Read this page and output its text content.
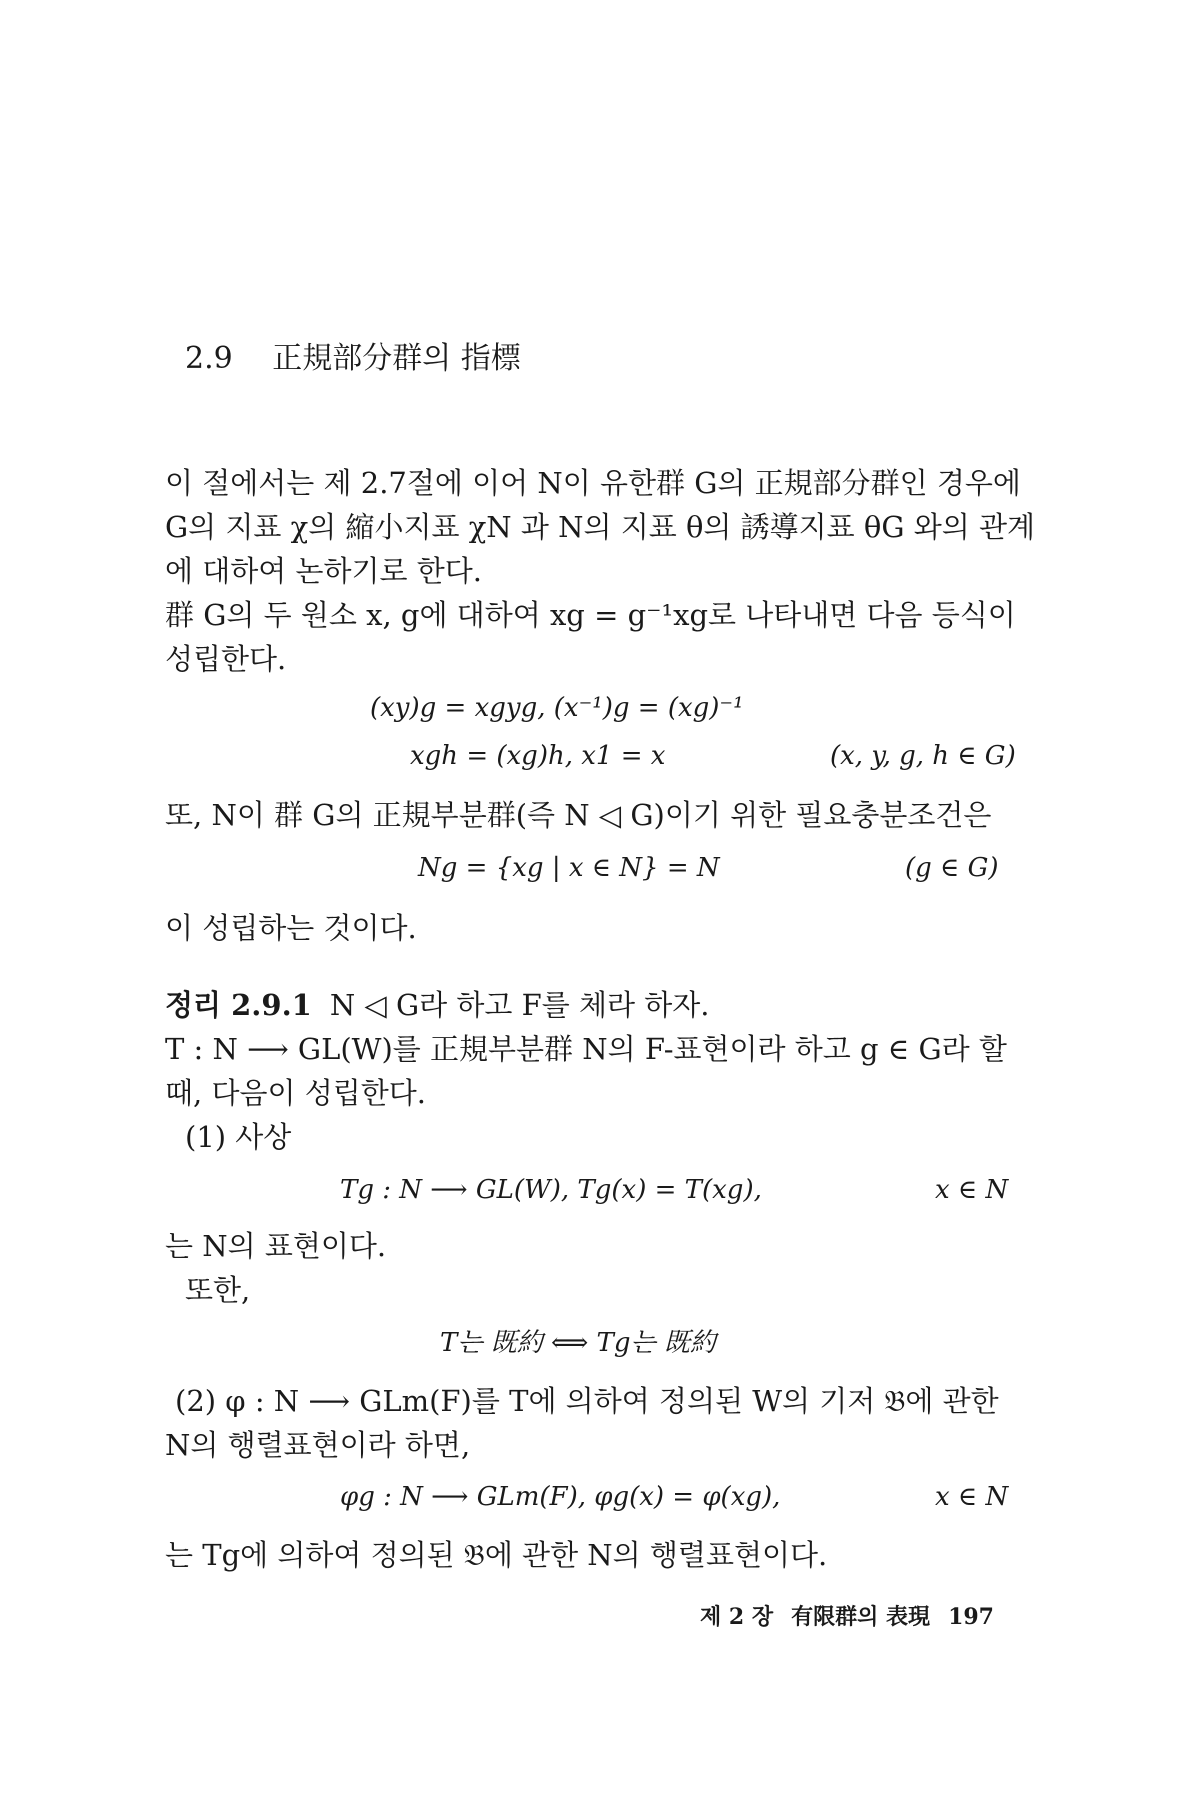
2.9 正規部分群의 指標
이 절에서는 제 2.7절에 이어 N이 유한群 G의 正規部分群인 경우에
G의 지표 χ의 縮小지표 χN 과 N의 지표 θ의 誘導지표 θG 와의 관계
에 대하여 논하기로 한다.
群 G의 두 원소 x, g에 대하여 xg = g⁻¹xg로 나타내면 다음 등식이
성립한다.
(xy)g = xgyg, (x⁻¹)g = (xg)⁻¹
xgh = (xg)h, x1 = x	(x, y, g, h ∈ G)
또, N이 群 G의 正規부분群(즉 N ◁ G)이기 위한 필요충분조건은
Ng = {xg | x ∈ N} = N	(g ∈ G)
이 성립하는 것이다.
정리 2.9.1 N ◁ G라 하고 F를 체라 하자.
T : N ⟶ GL(W)를 正規부분群 N의 F-표현이라 하고 g ∈ G라 할
때, 다음이 성립한다.
(1) 사상
Tg : N ⟶ GL(W), Tg(x) = T(xg),	x ∈ N
는 N의 표현이다.
또한,
T는 既約 ⟺ Tg는 既約
(2) φ : N ⟶ GLm(F)를 T에 의하여 정의된 W의 기저 𝔅에 관한
N의 행렬표현이라 하면,
φg : N ⟶ GLm(F), φg(x) = φ(xg),	x ∈ N
는 Tg에 의하여 정의된 𝔅에 관한 N의 행렬표현이다.
제 2 장 有限群의 表現 197
